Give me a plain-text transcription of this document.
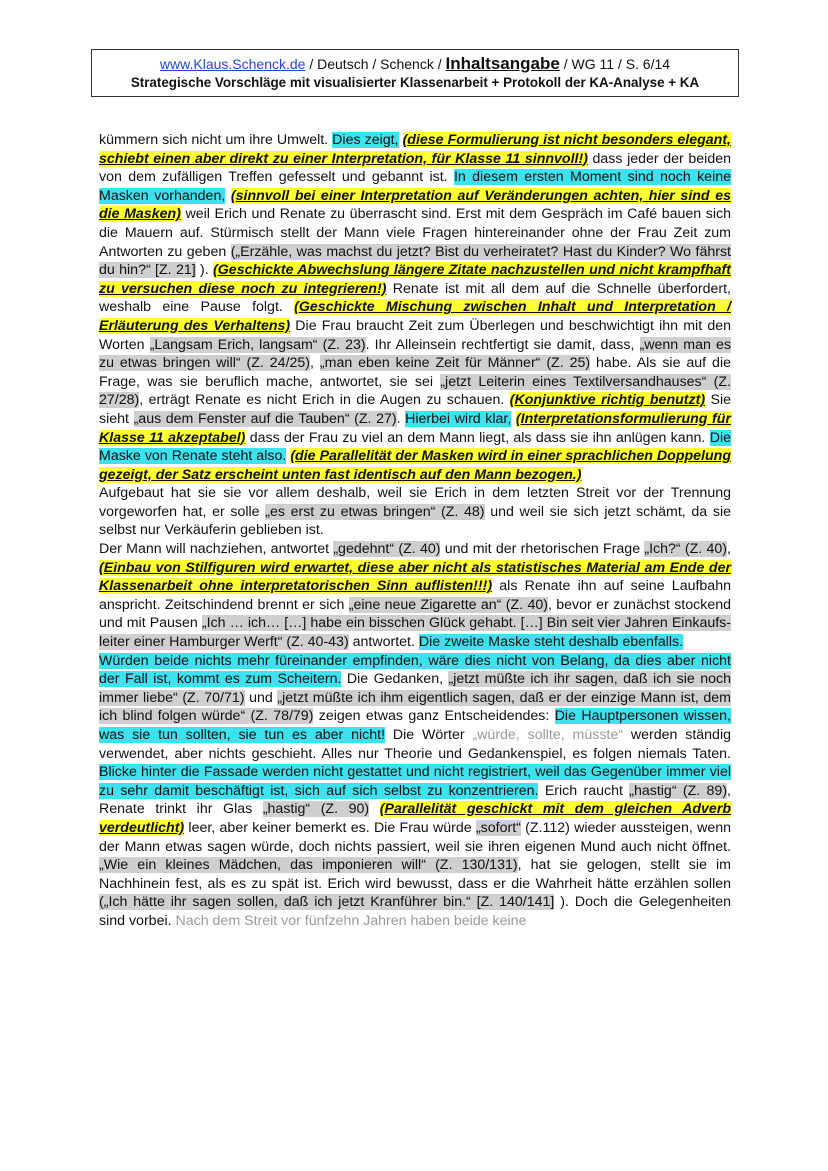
www.Klaus.Schenck.de / Deutsch / Schenck / Inhaltsangabe / WG 11 / S. 6/14
Strategische Vorschläge mit visualisierter Klassenarbeit + Protokoll der KA-Analyse + KA

kümmern sich nicht um ihre Umwelt. Dies zeigt, (diese Formulierung ist nicht besonders elegant, schiebt einen aber direkt zu einer Interpretation, für Klasse 11 sinnvoll!) dass jeder der beiden von dem zufälligen Treffen gefesselt und gebannt ist. In diesem ersten Moment sind noch keine Masken vorhanden, (sinnvoll bei einer Interpretation auf Veränderungen achten, hier sind es die Masken) weil Erich und Renate zu überrascht sind. Erst mit dem Gespräch im Café bauen sich die Mauern auf. Stürmisch stellt der Mann viele Fragen hintereinander ohne der Frau Zeit zum Antworten zu geben („Erzähle, was machst du jetzt? Bist du verheiratet? Hast du Kinder? Wo fährst du hin?“ [Z. 21] ). (Geschickte Abwechslung längere Zitate nachzustellen und nicht krampfhaft zu versuchen diese noch zu integrieren!) Renate ist mit all dem auf die Schnelle überfordert, weshalb eine Pause folgt. (Geschickte Mischung zwischen Inhalt und Interpretation / Erläuterung des Verhaltens) Die Frau braucht Zeit zum Überlegen und beschwichtigt ihn mit den Worten „Langsam Erich, langsam“ (Z. 23). Ihr Alleinsein rechtfertigt sie damit, dass, „wenn man es zu etwas bringen will“ (Z. 24/25), „man eben keine Zeit für Männer“ (Z. 25) habe. Als sie auf die Frage, was sie beruflich mache, antwortet, sie sei „jetzt Leiterin eines Textilversandhauses“ (Z. 27/28), erträgt Renate es nicht Erich in die Augen zu schauen. (Konjunktive richtig benutzt) Sie sieht „aus dem Fenster auf die Tauben“ (Z. 27). Hierbei wird klar, (Interpretationsformulierung für Klasse 11 akzeptabel) dass der Frau zu viel an dem Mann liegt, als dass sie ihn anlügen kann. Die Maske von Renate steht also. (die Parallelität der Masken wird in einer sprachlichen Doppelung gezeigt, der Satz erscheint unten fast identisch auf den Mann bezogen.)

Aufgebaut hat sie sie vor allem deshalb, weil sie Erich in dem letzten Streit vor der Trennung vorgeworfen hat, er solle „es erst zu etwas bringen“ (Z. 48) und weil sie sich jetzt schämt, da sie selbst nur Verkäuferin geblieben ist.

Der Mann will nachziehen, antwortet „gedehnt“ (Z. 40) und mit der rhetorischen Frage „Ich?“ (Z. 40), (Einbau von Stilfiguren wird erwartet, diese aber nicht als statistisches Material am Ende der Klassenarbeit ohne interpretatorischen Sinn auflisten!!!) als Renate ihn auf seine Laufbahn anspricht. Zeitschindend brennt er sich „eine neue Zigarette an“ (Z. 40), bevor er zunächst stockend und mit Pausen „Ich … ich… […] habe ein bisschen Glück gehabt. […] Bin seit vier Jahren Einkaufsleiter einer Hamburger Werft“ (Z. 40-43) antwortet. Die zweite Maske steht deshalb ebenfalls.

Würden beide nichts mehr füreinander empfinden, wäre dies nicht von Belang, da dies aber nicht der Fall ist, kommt es zum Scheitern. Die Gedanken, „jetzt müßte ich ihr sagen, daß ich sie noch immer liebe“ (Z. 70/71) und „jetzt müßte ich ihm eigentlich sagen, daß er der einzige Mann ist, dem ich blind folgen würde“ (Z. 78/79) zeigen etwas ganz Entscheidendes: Die Hauptpersonen wissen, was sie tun sollten, sie tun es aber nicht! Die Wörter „würde, sollte, müsste“ werden ständig verwendet, aber nichts geschieht. Alles nur Theorie und Gedankenspiel, es folgen niemals Taten. Blicke hinter die Fassade werden nicht gestattet und nicht registriert, weil das Gegenüber immer viel zu sehr damit beschäftigt ist, sich auf sich selbst zu konzentrieren. Erich raucht „hastig“ (Z. 89), Renate trinkt ihr Glas „hastig“ (Z. 90) (Parallelität geschickt mit dem gleichen Adverb verdeutlicht) leer, aber keiner bemerkt es. Die Frau würde „sofort“ (Z.112) wieder aussteigen, wenn der Mann etwas sagen würde, doch nichts passiert, weil sie ihren eigenen Mund auch nicht öffnet. „Wie ein kleines Mädchen, das imponieren will“ (Z. 130/131), hat sie gelogen, stellt sie im Nachhinein fest, als es zu spät ist. Erich wird bewusst, dass er die Wahrheit hätte erzählen sollen („Ich hätte ihr sagen sollen, daß ich jetzt Kranführer bin.“ [Z. 140/141] ). Doch die Gelegenheiten sind vorbei. Nach dem Streit vor fünfzehn Jahren haben beide keine
